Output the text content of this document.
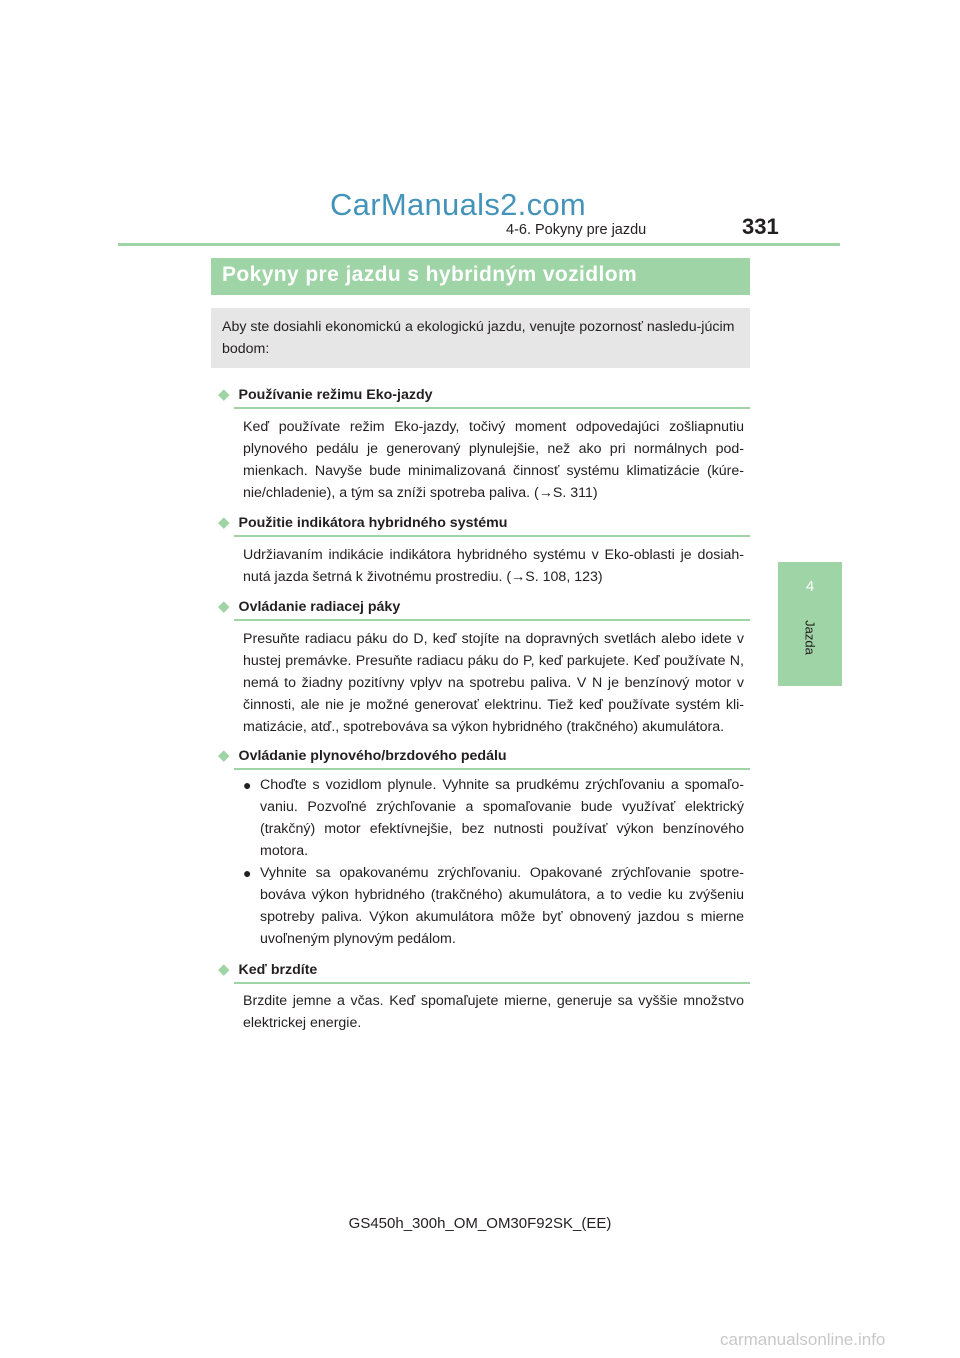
CarManuals2.com
4-6. Pokyny pre jazdu	331
4
Jazda
Pokyny pre jazdu s hybridným vozidlom
Aby ste dosiahli ekonomickú a ekologickú jazdu, venujte pozornosť nasledu-júcim bodom:
◆ Používanie režimu Eko-jazdy
Keď používate režim Eko-jazdy, točivý moment odpovedajúci zošliapnutiu plynového pedálu je generovaný plynulejšie, než ako pri normálnych pod-mienkach. Navyše bude minimalizovaná činnosť systému klimatizácie (kúre-nie/chladenie), a tým sa zníži spotreba paliva. (→S. 311)
◆ Použitie indikátora hybridného systému
Udržiavaním indikácie indikátora hybridného systému v Eko-oblasti je dosiah-nutá jazda šetrná k životnému prostrediu. (→S. 108, 123)
◆ Ovládanie radiacej páky
Presuňte radiacu páku do D, keď stojíte na dopravných svetlách alebo idete v hustej premávke. Presuňte radiacu páku do P, keď parkujete. Keď používate N, nemá to žiadny pozitívny vplyv na spotrebu paliva. V N je benzínový motor v činnosti, ale nie je možné generovať elektrinu. Tiež keď používate systém kli-matizácie, atď., spotrebováva sa výkon hybridného (trakčného) akumulátora.
◆ Ovládanie plynového/brzdového pedálu
● Choďte s vozidlom plynule. Vyhnite sa prudkému zrýchľovaniu a spomaľo-vaniu. Pozvoľné zrýchľovanie a spomaľovanie bude využívať elektrický (trakčný) motor efektívnejšie, bez nutnosti používať výkon benzínového motora.
● Vyhnite sa opakovanému zrýchľovaniu. Opakované zrýchľovanie spotre-bováva výkon hybridného (trakčného) akumulátora, a to vedie ku zvýšeniu spotreby paliva. Výkon akumulátora môže byť obnovený jazdou s mierne uvoľneným plynovým pedálom.
◆ Keď brzdíte
Brzdite jemne a včas. Keď spomaľujete mierne, generuje sa vyššie množstvo elektrickej energie.
GS450h_300h_OM_OM30F92SK_(EE)
carmanualsonline.info
